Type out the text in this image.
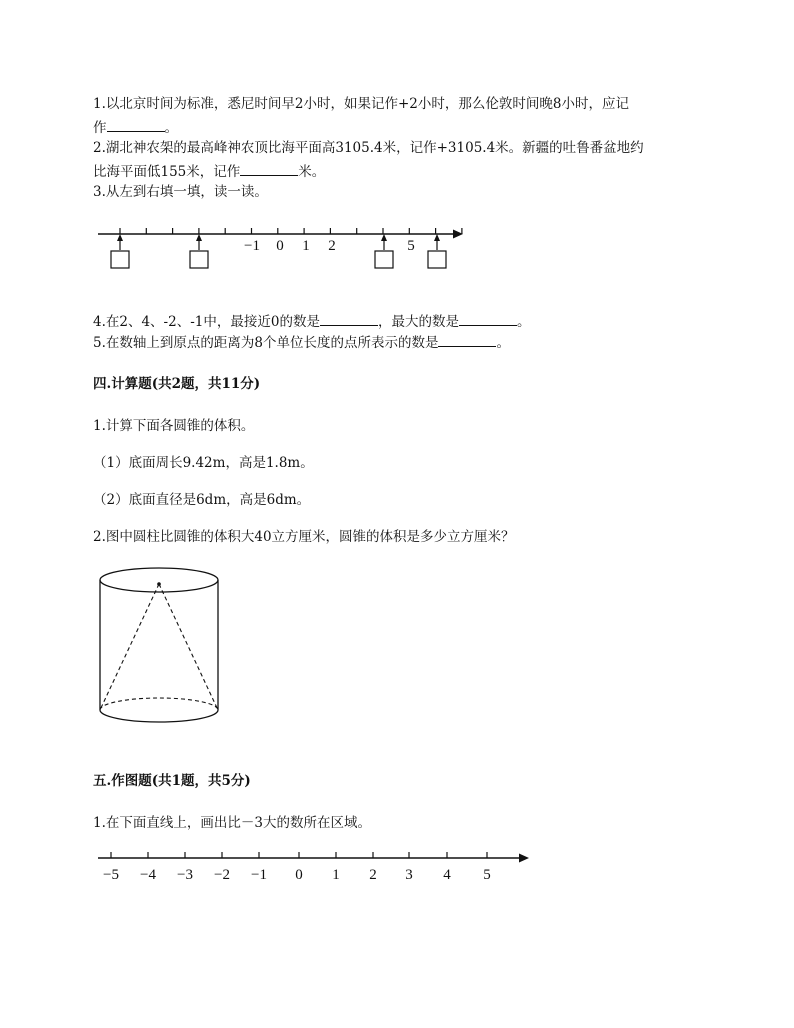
1.以北京时间为标准，悉尼时间早2小时，如果记作+2小时，那么伦敦时间晚8小时，应记
作	。
2.湖北神农架的最高峰神农顶比海平面高3105.4米，记作+3105.4米。新疆的吐鲁番盆地约
比海平面低155米，记作	米。
3.从左到右填一填，读一读。
−1 0 1 2	5
−5 −4 −3 −2 −1 0 1 2 3 4 5
4.在2、4、-2、-1中，最接近0的数是	，最大的数是	。
5.在数轴上到原点的距离为8个单位长度的点所表示的数是	。
四.计算题(共2题，共11分)
1.计算下面各圆锥的体积。
（1）底面周长9.42m，高是1.8m。
（2）底面直径是6dm，高是6dm。
2.图中圆柱比圆锥的体积大40立方厘米，圆锥的体积是多少立方厘米？
五.作图题(共1题，共5分)
1.在下面直线上，画出比－3大的数所在区域。
